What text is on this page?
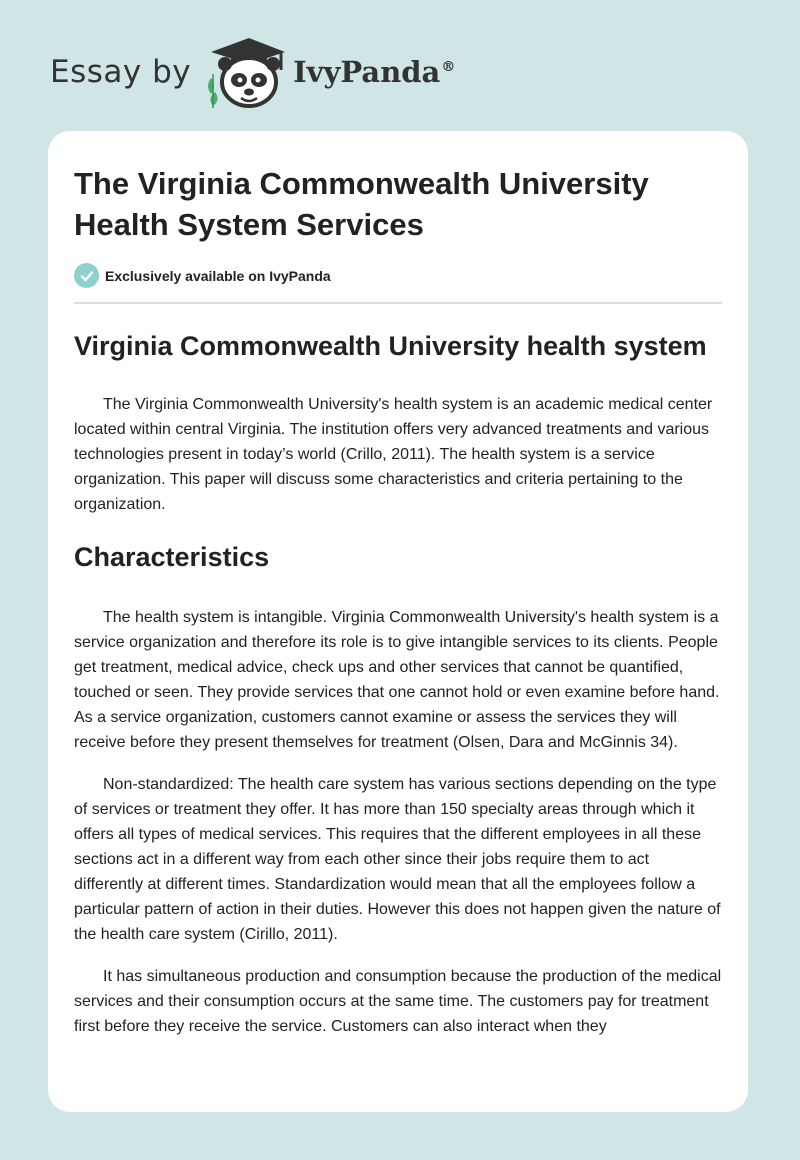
Essay by	IvyPanda®
The Virginia Commonwealth University Health System Services
Exclusively available on IvyPanda
Virginia Commonwealth University health system

The Virginia Commonwealth University's health system is an academic medical center located within central Virginia. The institution offers very advanced treatments and various technologies present in today’s world (Crillo, 2011). The health system is a service organization. This paper will discuss some characteristics and criteria pertaining to the organization.

Characteristics

The health system is intangible. Virginia Commonwealth University's health system is a service organization and therefore its role is to give intangible services to its clients. People get treatment, medical advice, check ups and other services that cannot be quantified, touched or seen. They provide services that one cannot hold or even examine before hand. As a service organization, customers cannot examine or assess the services they will receive before they present themselves for treatment (Olsen, Dara and McGinnis 34).

Non-standardized: The health care system has various sections depending on the type of services or treatment they offer. It has more than 150 specialty areas through which it offers all types of medical services. This requires that the different employees in all these sections act in a different way from each other since their jobs require them to act differently at different times. Standardization would mean that all the employees follow a particular pattern of action in their duties. However this does not happen given the nature of the health care system (Cirillo, 2011).

It has simultaneous production and consumption because the production of the medical services and their consumption occurs at the same time. The customers pay for treatment first before they receive the service. Customers can also interact when they
